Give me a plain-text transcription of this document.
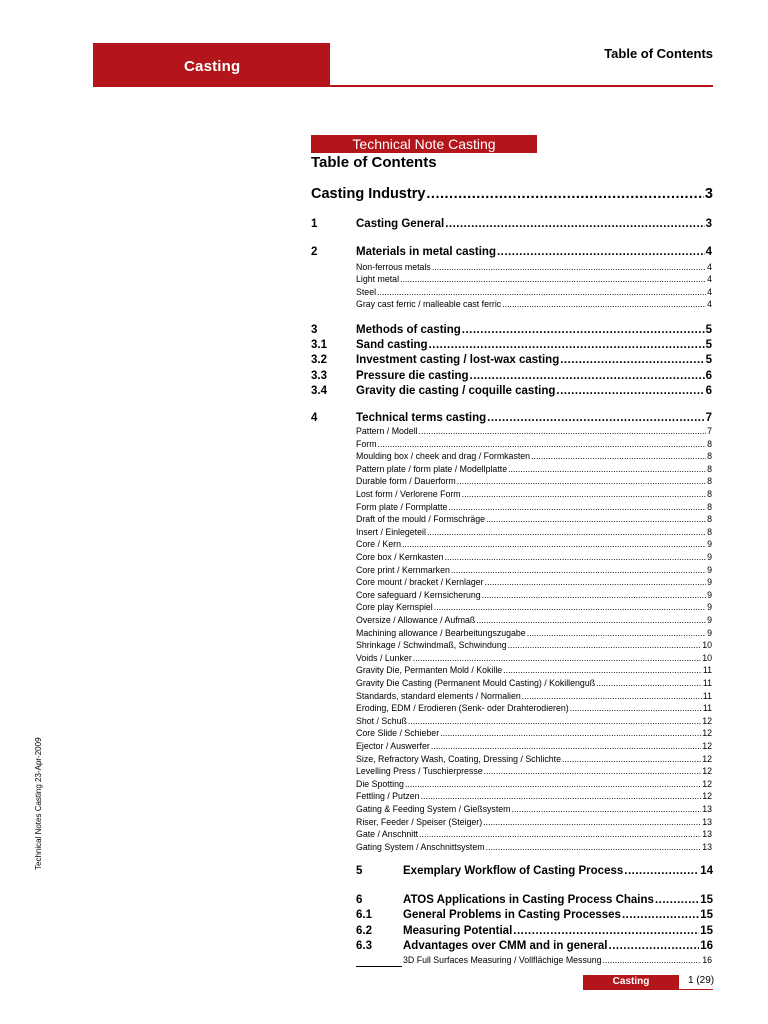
Casting
Table of Contents
Technical Note Casting
Table of Contents
Casting Industry .....	3
1	Casting General .....	3
2	Materials in metal casting .....	4
Non-ferrous metals .....	4
Light metal .....	4
Steel .....	4
Gray cast ferric / malleable cast ferric .....	4
3	Methods of casting .....	5
3.1	Sand casting .....	5
3.2	Investment casting / lost-wax casting .....	5
3.3	Pressure die casting .....	6
3.4	Gravity die casting / coquille casting .....	6
4	Technical terms casting .....	7
Pattern / Modell .....	7
Form .....	8
Moulding box / cheek and drag / Formkasten .....	8
Pattern plate / form plate / Modellplatte .....	8
Durable form / Dauerform .....	8
Lost form / Verlorene Form .....	8
Form plate / Formplatte .....	8
Draft of the mould / Formschräge .....	8
Insert / Einlegeteil .....	8
Core / Kern .....	9
Core box / Kernkasten .....	9
Core print / Kernmarken .....	9
Core mount / bracket / Kernlager .....	9
Core safeguard / Kernsicherung .....	9
Core play Kernspiel .....	9
Oversize / Allowance / Aufmaß .....	9
Machining allowance / Bearbeitungszugabe .....	9
Shrinkage / Schwindmaß, Schwindung .....	10
Voids / Lunker .....	10
Gravity Die, Permanten Mold / Kokille .....	11
Gravity Die Casting (Permanent Mould Casting) / Kokillenguß .....	11
Standards, standard elements / Normalien .....	11
Eroding, EDM / Erodieren (Senk- oder Drahterodieren) .....	11
Shot / Schuß .....	12
Core Slide / Schieber .....	12
Ejector / Auswerfer .....	12
Size, Refractory Wash, Coating, Dressing / Schlichte .....	12
Levelling Press / Tuschierpresse .....	12
Die Spotting .....	12
Fettling / Putzen .....	12
Gating & Feeding System / Gießsystem .....	13
Riser, Feeder / Speiser (Steiger) .....	13
Gate / Anschnitt .....	13
Gating System / Anschnittsystem .....	13
5	Exemplary Workflow of Casting Process .....	14
6	ATOS Applications in Casting Process Chains .....	15
6.1	General Problems in Casting Processes .....	15
6.2	Measuring Potential .....	15
6.3	Advantages over CMM and in general .....	16
3D Full Surfaces Measuring / Vollflächige Messung .....	16
Technical Notes Casting 23-Apr-2009
Casting	1 (29)
